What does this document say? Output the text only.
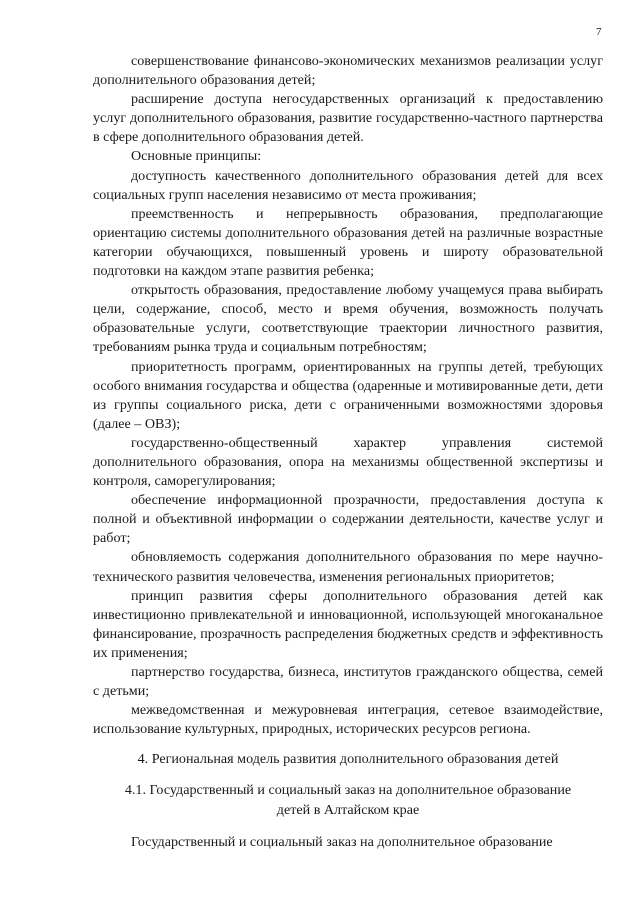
7

совершенствование финансово-экономических механизмов реализации услуг дополнительного образования детей;

расширение доступа негосударственных организаций к предоставлению услуг дополнительного образования, развитие государственно-частного партнерства в сфере дополнительного образования детей.

Основные принципы:

доступность качественного дополнительного образования детей для всех социальных групп населения независимо от места проживания;

преемственность и непрерывность образования, предполагающие ориентацию системы дополнительного образования детей на различные возрастные категории обучающихся, повышенный уровень и широту образовательной подготовки на каждом этапе развития ребенка;

открытость образования, предоставление любому учащемуся права выбирать цели, содержание, способ, место и время обучения, возможность получать образовательные услуги, соответствующие траектории личностного развития, требованиям рынка труда и социальным потребностям;

приоритетность программ, ориентированных на группы детей, требующих особого внимания государства и общества (одаренные и мотивированные дети, дети из группы социального риска, дети с ограниченными возможностями здоровья (далее – ОВЗ);

государственно-общественный характер управления системой дополнительного образования, опора на механизмы общественной экспертизы и контроля, саморегулирования;

обеспечение информационной прозрачности, предоставления доступа к полной и объективной информации о содержании деятельности, качестве услуг и работ;

обновляемость содержания дополнительного образования по мере научно-технического развития человечества, изменения региональных приоритетов;

принцип развития сферы дополнительного образования детей как инвестиционно привлекательной и инновационной, использующей многоканальное финансирование, прозрачность распределения бюджетных средств и эффективность их применения;

партнерство государства, бизнеса, институтов гражданского общества, семей с детьми;

межведомственная и межуровневая интеграция, сетевое взаимодействие, использование культурных, природных, исторических ресурсов региона.

4. Региональная модель развития дополнительного образования детей

4.1. Государственный и социальный заказ на дополнительное образование

детей в Алтайском крае

Государственный и социальный заказ на дополнительное образование
